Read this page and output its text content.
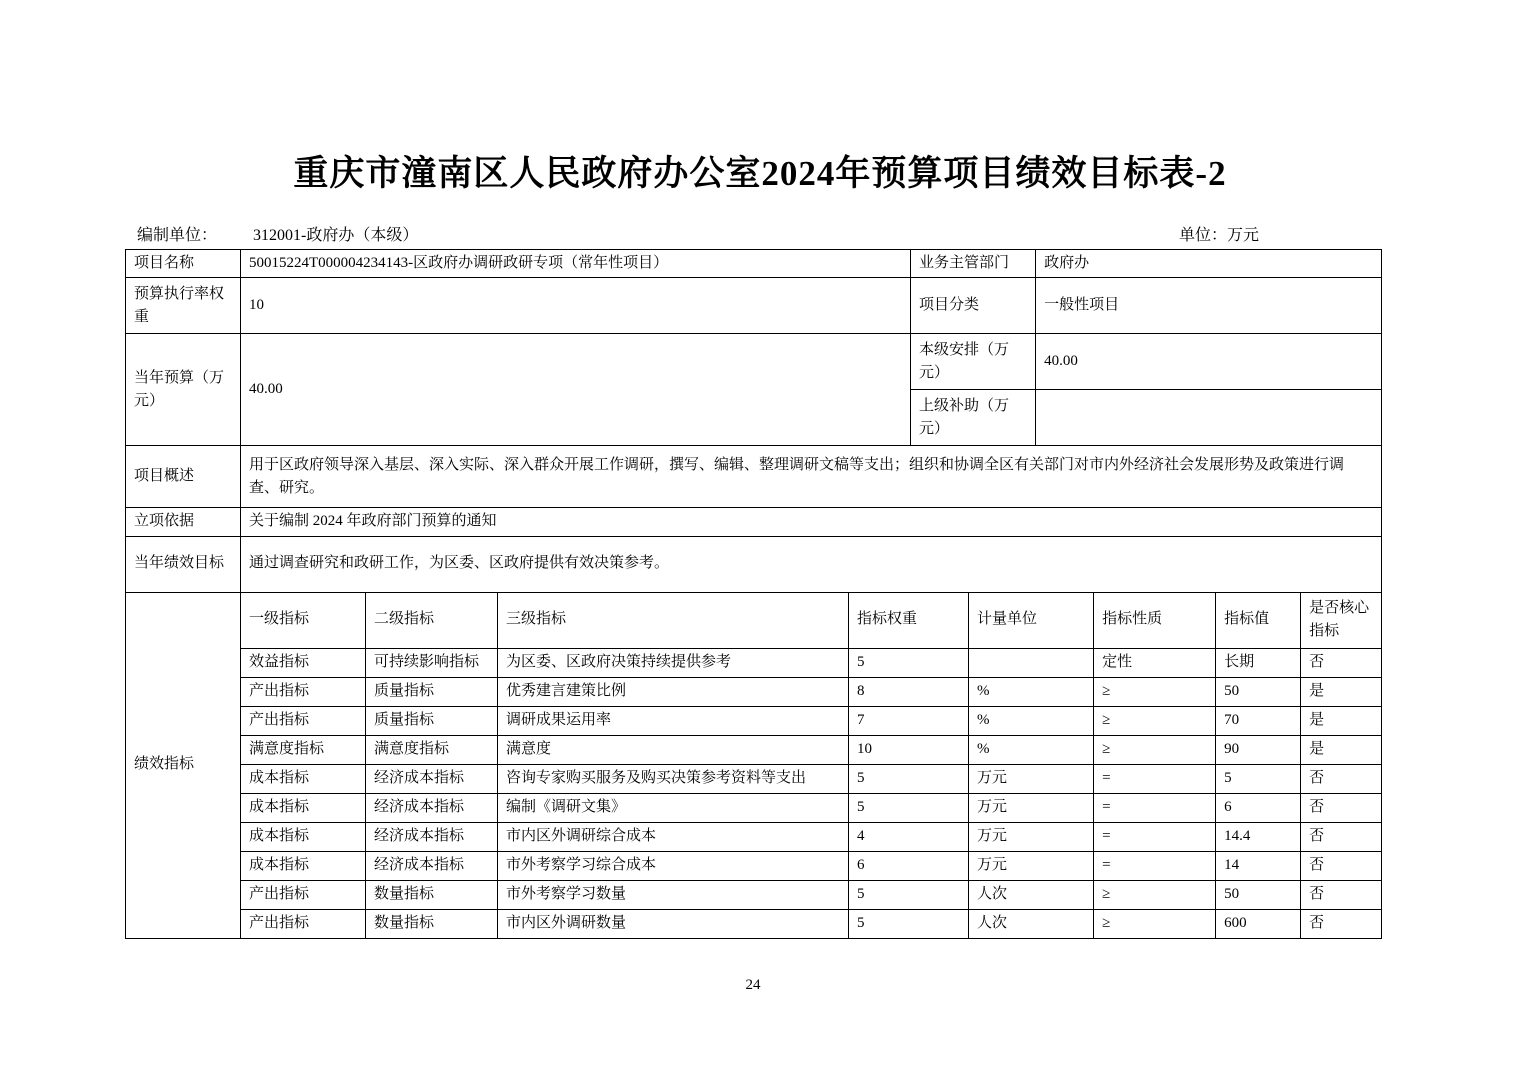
重庆市潼南区人民政府办公室2024年预算项目绩效目标表-2
编制单位： 312001-政府办（本级）	单位：万元
项目名称	50015224T000004234143-区政府办调研政研专项（常年性项目）				业务主管部门		政府办			
预算执行率权重	10				项目分类		一般性项目			
当年预算（万元）	40.00				本级安排（万元）		40.00			
					上级补助（万元）					
项目概述	用于区政府领导深入基层、深入实际、深入群众开展工作调研，撰写、编辑、整理调研文稿等支出；组织和协调全区有关部门对市内外经济社会发展形势及政策进行调查、研究。									
立项依据	关于编制 2024 年政府部门预算的通知									
当年绩效目标	通过调查研究和政研工作，为区委、区政府提供有效决策参考。									
绩效指标	一级指标	二级指标	三级指标	指标权重		计量单位		指标性质	指标值	是否核心指标
	效益指标	可持续影响指标	为区委、区政府决策持续提供参考	5				定性	长期	否
	产出指标	质量指标	优秀建言建策比例	8		%		≥	50	是
	产出指标	质量指标	调研成果运用率	7		%		≥	70	是
	满意度指标	满意度指标	满意度	10		%		≥	90	是
	成本指标	经济成本指标	咨询专家购买服务及购买决策参考资料等支出	5		万元		=	5	否
	成本指标	经济成本指标	编制《调研文集》	5		万元		=	6	否
	成本指标	经济成本指标	市内区外调研综合成本	4		万元		=	14.4	否
	成本指标	经济成本指标	市外考察学习综合成本	6		万元		=	14	否
	产出指标	数量指标	市外考察学习数量	5		人次		≥	50	否
	产出指标	数量指标	市内区外调研数量	5		人次		≥	600	否
24
